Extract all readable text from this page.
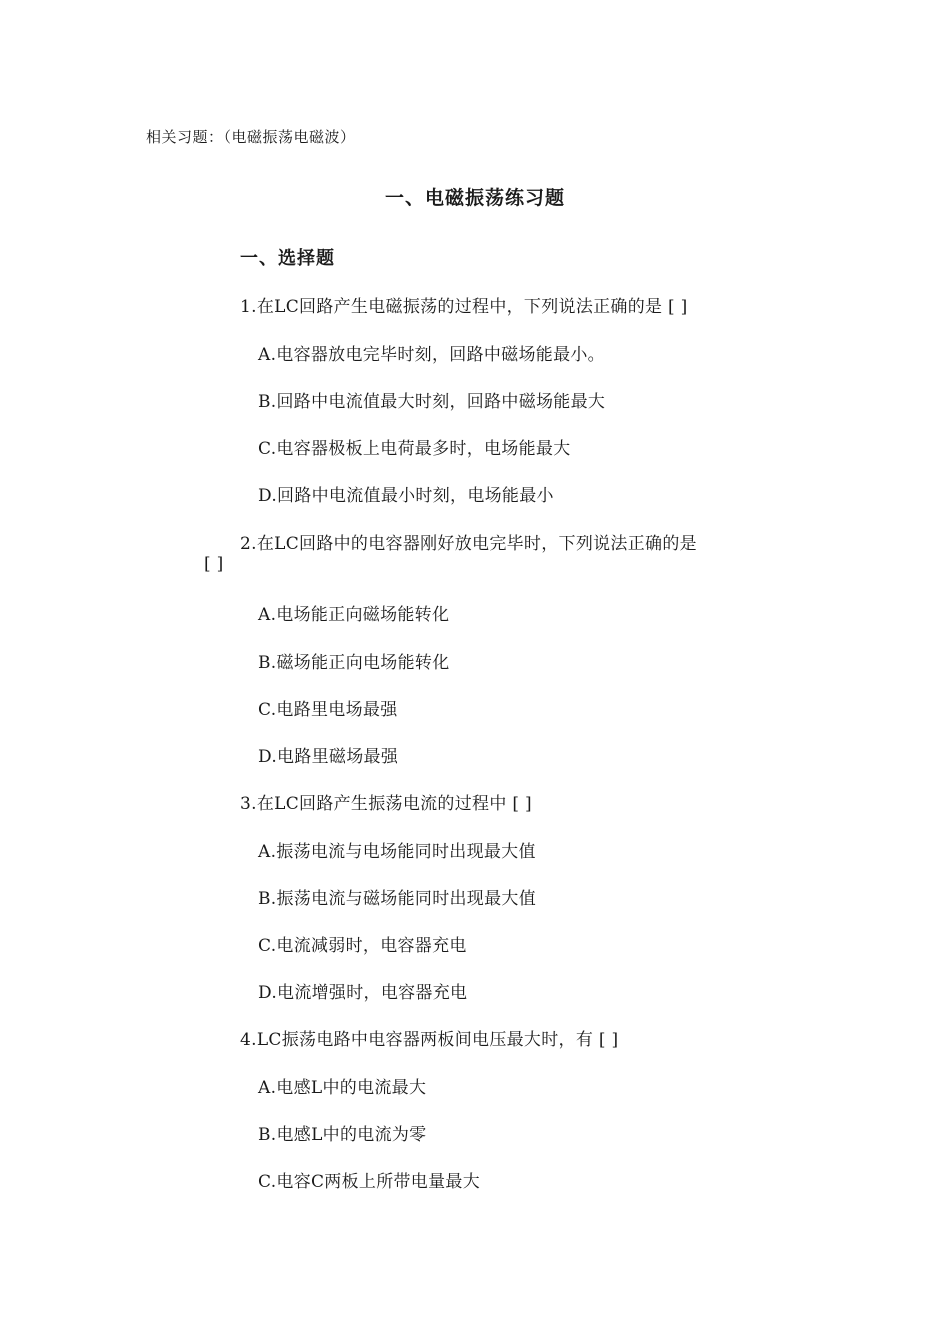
相关习题：（电磁振荡电磁波）
一、电磁振荡练习题
一、选择题
1.在LC回路产生电磁振荡的过程中，下列说法正确的是 [ ]
A.电容器放电完毕时刻，回路中磁场能最小。
B.回路中电流值最大时刻，回路中磁场能最大
C.电容器极板上电荷最多时，电场能最大
D.回路中电流值最小时刻，电场能最小
2.在LC回路中的电容器刚好放电完毕时，下列说法正确的是
[ ]
A.电场能正向磁场能转化
B.磁场能正向电场能转化
C.电路里电场最强
D.电路里磁场最强
3.在LC回路产生振荡电流的过程中 [ ]
A.振荡电流与电场能同时出现最大值
B.振荡电流与磁场能同时出现最大值
C.电流减弱时，电容器充电
D.电流增强时，电容器充电
4.LC振荡电路中电容器两板间电压最大时，有 [ ]
A.电感L中的电流最大
B.电感L中的电流为零
C.电容C两板上所带电量最大
